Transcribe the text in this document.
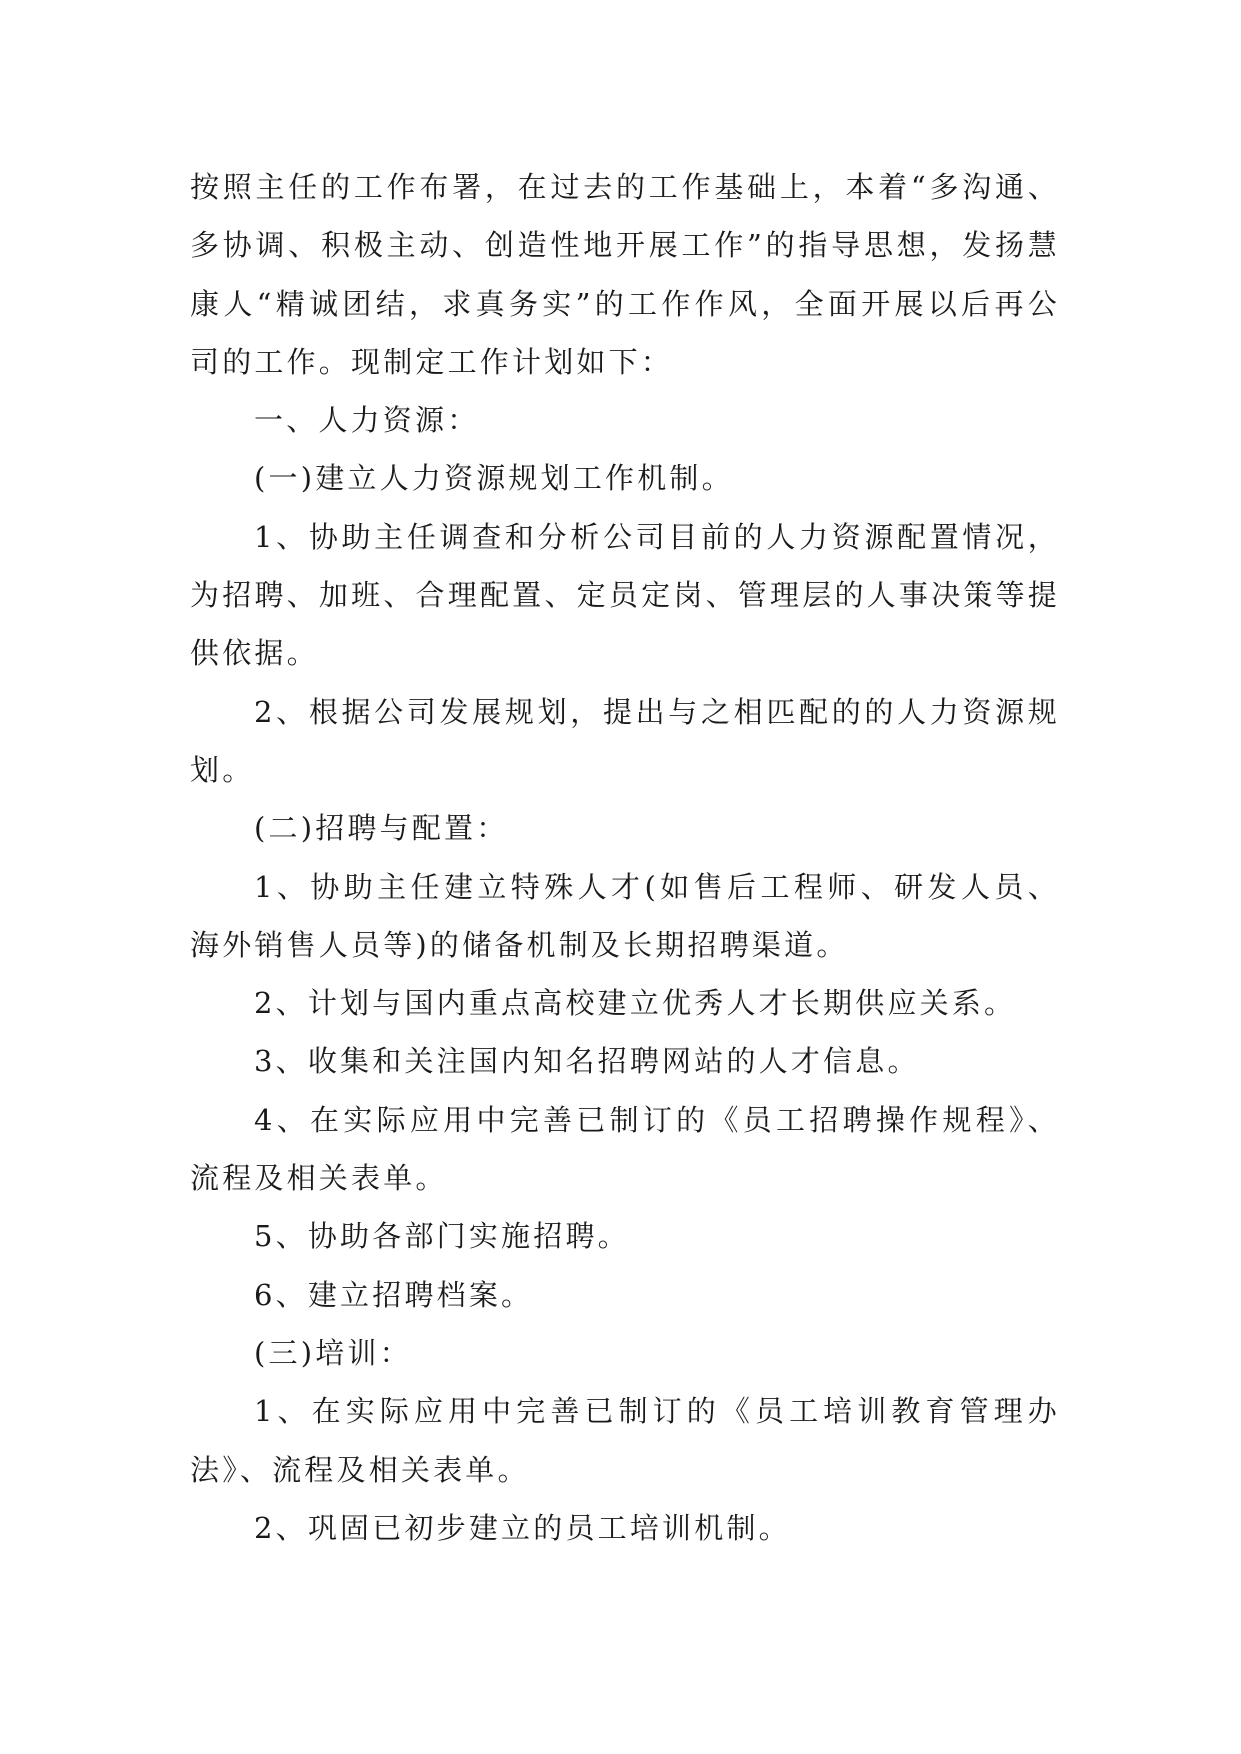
按照主任的工作布署，在过去的工作基础上，本着“多沟通、多协调、积极主动、创造性地开展工作”的指导思想，发扬慧康人“精诚团结，求真务实”的工作作风，全面开展以后再公司的工作。现制定工作计划如下：

一、人力资源：

(一)建立人力资源规划工作机制。

1、协助主任调查和分析公司目前的人力资源配置情况，为招聘、加班、合理配置、定员定岗、管理层的人事决策等提供依据。

2、根据公司发展规划，提出与之相匹配的的人力资源规划。

(二)招聘与配置：

1、协助主任建立特殊人才(如售后工程师、研发人员、海外销售人员等)的储备机制及长期招聘渠道。

2、计划与国内重点高校建立优秀人才长期供应关系。

3、收集和关注国内知名招聘网站的人才信息。

4、在实际应用中完善已制订的《员工招聘操作规程》、流程及相关表单。

5、协助各部门实施招聘。

6、建立招聘档案。

(三)培训：

1、在实际应用中完善已制订的《员工培训教育管理办法》、流程及相关表单。

2、巩固已初步建立的员工培训机制。
